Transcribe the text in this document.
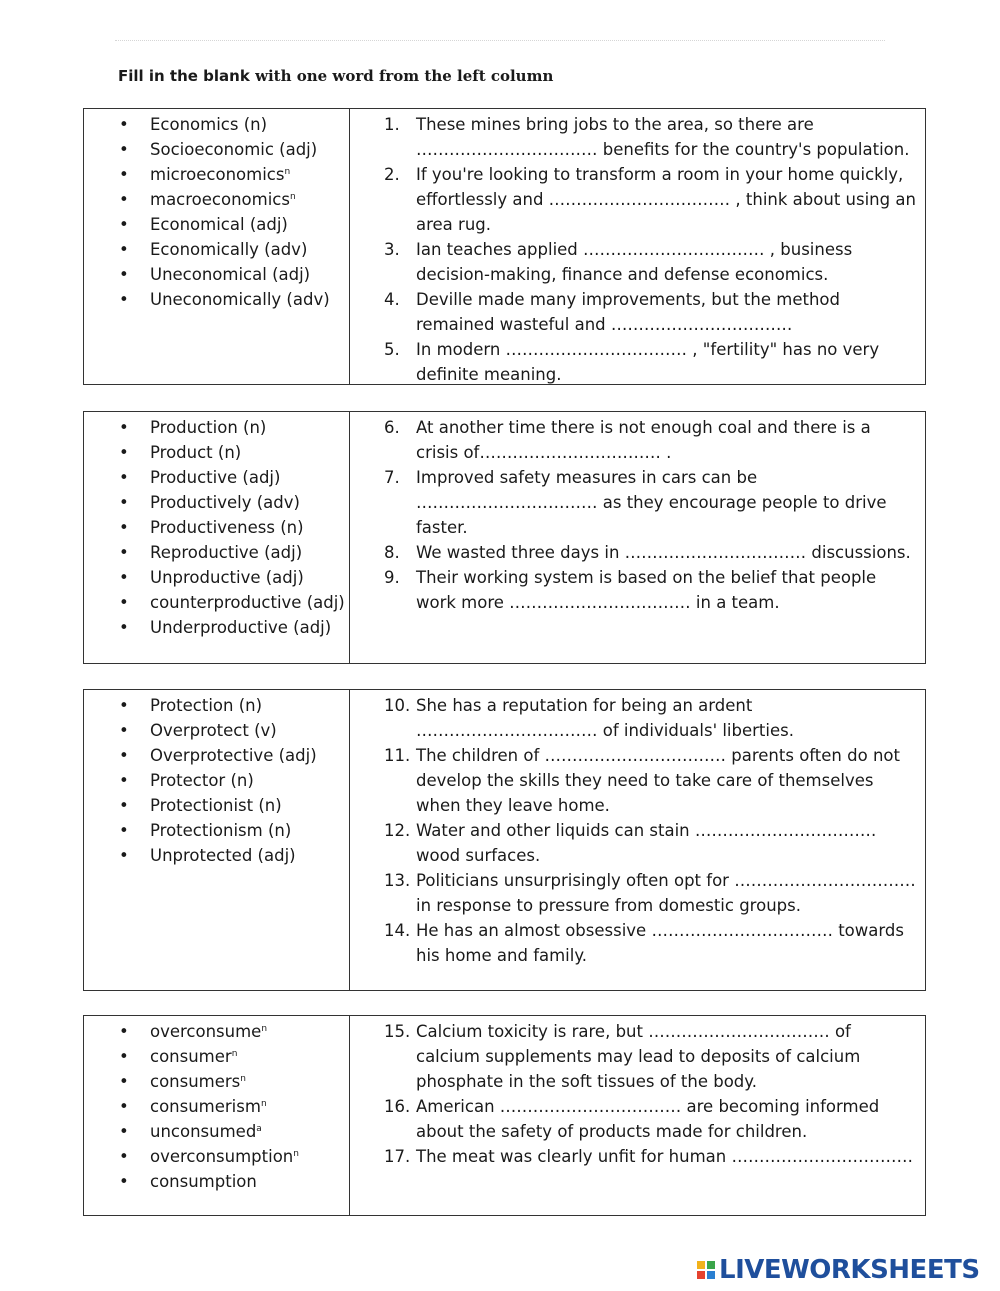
Fill in the blank with one word from the left column
• Economics (n)
• Socioeconomic (adj)
• microeconomics$^n$
• macroeconomics$^n$
• Economical (adj)
• Economically (adv)
• Uneconomical (adj)
• Uneconomically (adv)
1. These mines bring jobs to the area, so there are …………………………… benefits for the country's population.
2. If you're looking to transform a room in your home quickly, effortlessly and …………………………… , think about using an area rug.
3. Ian teaches applied …………………………… , business decision-making, finance and defense economics.
4. Deville made many improvements, but the method remained wasteful and ……………………………
5. In modern …………………………… , "fertility" has no very definite meaning.
• Production (n)
• Product (n)
• Productive (adj)
• Productively (adv)
• Productiveness (n)
• Reproductive (adj)
• Unproductive (adj)
• counterproductive (adj)
• Underproductive (adj)
6. At another time there is not enough coal and there is a crisis of…………………………… .
7. Improved safety measures in cars can be …………………………… as they encourage people to drive faster.
8. We wasted three days in …………………………… discussions.
9. Their working system is based on the belief that people work more …………………………… in a team.
• Protection (n)
• Overprotect (v)
• Overprotective (adj)
• Protector (n)
• Protectionist (n)
• Protectionism (n)
• Unprotected (adj)
10. She has a reputation for being an ardent …………………………… of individuals' liberties.
11. The children of …………………………… parents often do not develop the skills they need to take care of themselves when they leave home.
12. Water and other liquids can stain …………………………… wood surfaces.
13. Politicians unsurprisingly often opt for …………………………… in response to pressure from domestic groups.
14. He has an almost obsessive …………………………… towards his home and family.
• overconsume$^n$
• consumer$^n$
• consumers$^n$
• consumerism$^n$
• unconsumed$^a$
• overconsumption$^n$
• consumption
15. Calcium toxicity is rare, but …………………………… of calcium supplements may lead to deposits of calcium phosphate in the soft tissues of the body.
16. American …………………………… are becoming informed about the safety of products made for children.
17. The meat was clearly unfit for human ……………………………
LIVEWORKSHEETS
